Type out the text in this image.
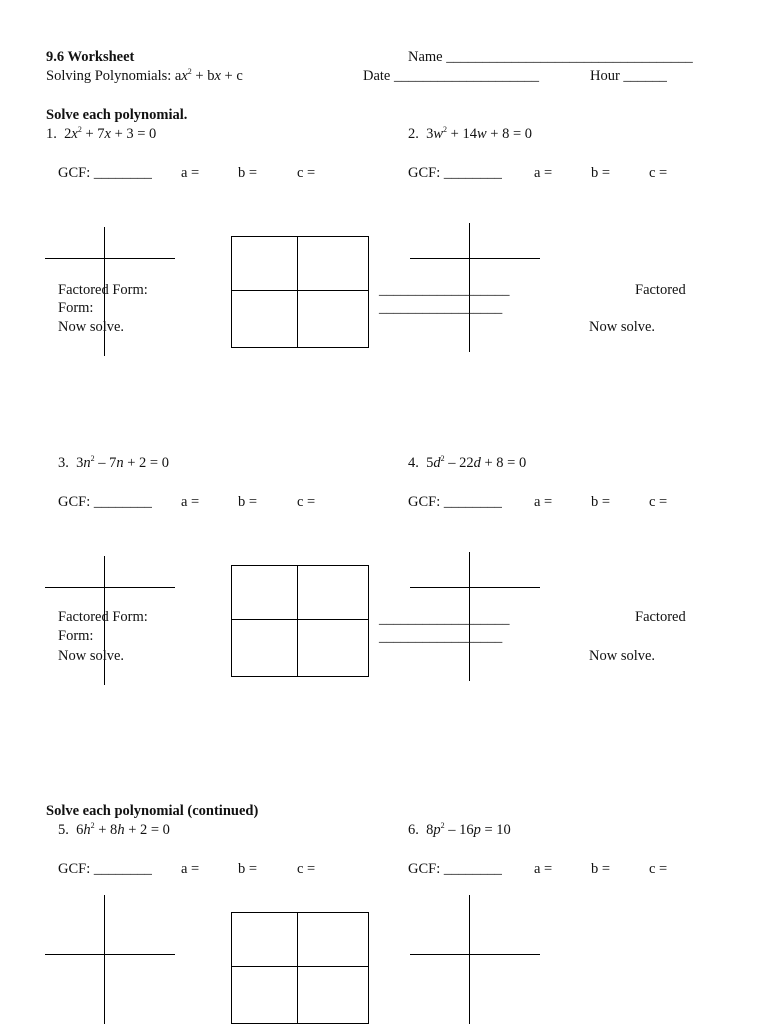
9.6 Worksheet
Solving Polynomials: $ax^2$ + bx + c
Name __________________________________
Date ____________________	Hour ______
Solve each polynomial.
1. $2x^2 + 7x + 3 = 0$	2. $3w^2 + 14w + 8 = 0$
GCF: ________ a =	b =	c =	GCF: ________ a =	b =	c =
Factored Form:
Form:
Now solve.
__________________
_________________
Factored
Now solve.
3. $3n^2 - 7n + 2 = 0$	4. $5d^2 - 22d + 8 = 0$
GCF: ________ a =	b =	c =	GCF: ________ a =	b =	c =
Factored Form:
Form:
Now solve.
__________________
_________________
Factored
Now solve.
Solve each polynomial (continued)
5. $6h^2 + 8h + 2 = 0$	6. $8p^2 - 16p = 10$
GCF: ________ a =	b =	c =	GCF: ________ a =	b =	c =
